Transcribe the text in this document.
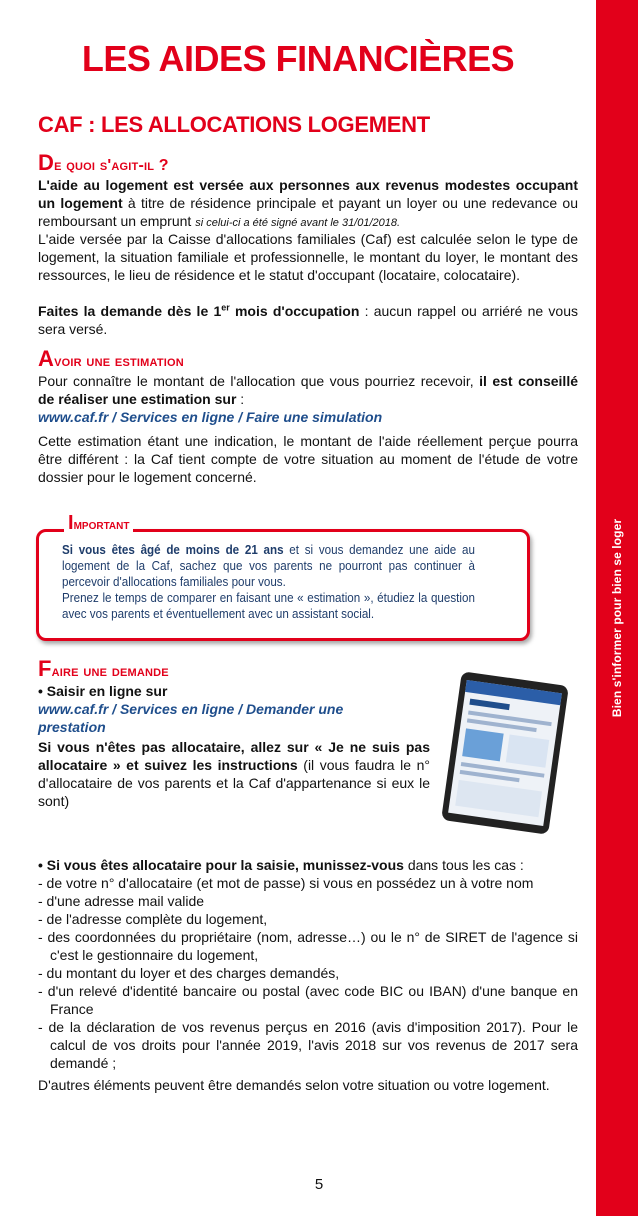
Bien s'informer pour bien se loger
LES AIDES FINANCIÈRES
CAF : LES ALLOCATIONS LOGEMENT
De quoi s'agit-il ?

L'aide au logement est versée aux personnes aux revenus modestes occupant un logement à titre de résidence principale et payant un loyer ou une redevance ou remboursant un emprunt si celui-ci a été signé avant le 31/01/2018.

L'aide versée par la Caisse d'allocations familiales (Caf) est calculée selon le type de logement, la situation familiale et professionnelle, le montant du loyer, le montant des ressources, le lieu de résidence et le statut d'occupant (locataire, colocataire).

Faites la demande dès le 1er mois d'occupation : aucun rappel ou arriéré ne vous sera versé.

Avoir une estimation

Pour connaître le montant de l'allocation que vous pourriez recevoir, il est conseillé de réaliser une estimation sur :

www.caf.fr / Services en ligne / Faire une simulation

Cette estimation étant une indication, le montant de l'aide réellement perçue pourra être différent : la Caf tient compte de votre situation au moment de l'étude de votre dossier pour le logement concerné.

Important
Si vous êtes âgé de moins de 21 ans et si vous demandez une aide au logement de la Caf, sachez que vos parents ne pourront pas continuer à percevoir d'allocations familiales pour vous.
Prenez le temps de comparer en faisant une « estimation », étudiez la question avec vos parents et éventuellement avec un assistant social.
Faire une demande

• Saisir en ligne sur

www.caf.fr / Services en ligne / Demander une prestation

Si vous n'êtes pas allocataire, allez sur « Je ne suis pas allocataire » et suivez les instructions (il vous faudra le n° d'allocataire de vos parents et la Caf d'appartenance si eux le sont)

• Si vous êtes allocataire pour la saisie, munissez-vous dans tous les cas :

- de votre n° d'allocataire (et mot de passe) si vous en possédez un à votre nom
- d'une adresse mail valide
- de l'adresse complète du logement,
- des coordonnées du propriétaire (nom, adresse…) ou le n° de SIRET de l'agence si c'est le gestionnaire du logement,
- du montant du loyer et des charges demandés,
- d'un relevé d'identité bancaire ou postal (avec code BIC ou IBAN) d'une banque en France
- de la déclaration de vos revenus perçus en 2016 (avis d'imposition 2017). Pour le calcul de vos droits pour l'année 2019, l'avis 2018 sur vos revenus de 2017 sera demandé ;

D'autres éléments peuvent être demandés selon votre situation ou votre logement.

5
